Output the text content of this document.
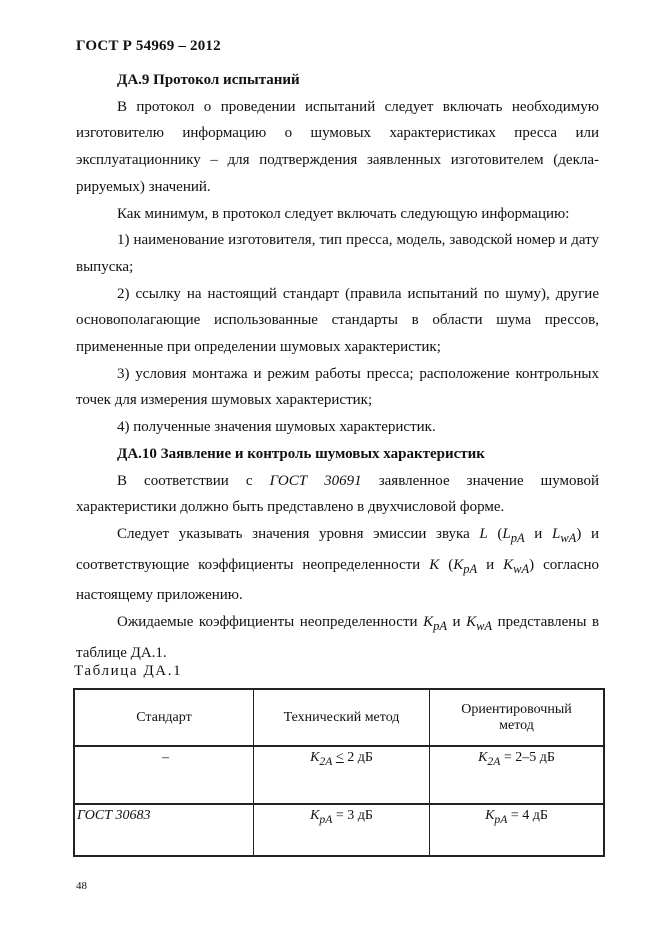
ГОСТ Р 54969 – 2012

ДА.9 Протокол испытаний

В протокол о проведении испытаний следует включать необходимую изготовителю информацию о шумовых характеристиках пресса или эксплуатационнику – для подтверждения заявленных изготовителем (декла-рируемых) значений.

Как минимум, в протокол следует включать следующую информацию:

1) наименование изготовителя, тип пресса, модель, заводской номер и дату выпуска;

2) ссылку на настоящий стандарт (правила испытаний по шуму), другие основополагающие использованные стандарты в области шума прессов, примененные при определении шумовых характеристик;

3) условия монтажа и режим работы пресса; расположение контрольных точек для измерения шумовых характеристик;

4) полученные значения шумовых характеристик.

ДА.10 Заявление и контроль шумовых характеристик

В соответствии с ГОСТ 30691 заявленное значение шумовой характеристики должно быть представлено в двухчисловой форме.

Следует указывать значения уровня эмиссии звука L ($L_{pA}$ и $L_{wA}$) и соответствующие коэффициенты неопределенности K ($K_{pA}$ и $K_{wA}$) согласно настоящему приложению.

Ожидаемые коэффициенты неопределенности $K_{pA}$ и $K_{wA}$ представлены в таблице ДА.1.

Таблица ДА.1
Стандарт	Технический метод	Ориентировочный метод

–	$K_{2A} < 2$ дБ	$K_{2A} = 2-5$ дБ
ГОСТ 30683	$K_{pA} = 3$ дБ	$K_{pA} = 4$ дБ
48
